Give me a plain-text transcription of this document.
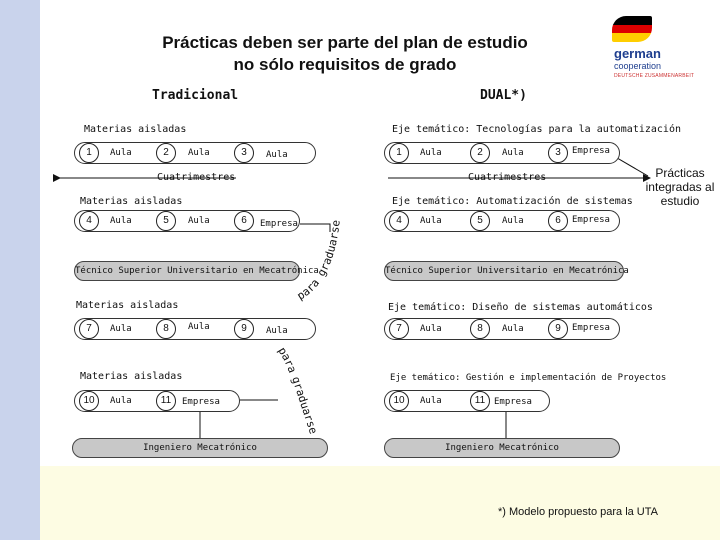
Prácticas deben ser parte del plan de estudio
no sólo requisitos de grado
german
cooperation
DEUTSCHE ZUSAMMENARBEIT
Tradicional	DUAL*)
para graduarse
para
graduarse
Materias aisladas
1	Aula	2	Aula	3	Aula
Eje temático: Tecnologías para la automatización
1	Aula	2	Aula	3	Empresa
Cuatrimestres	Cuatrimestres	Prácticas integradas al estudio
Materias aisladas
4	Aula	5	Aula	6	Empresa
Eje temático: Automatización de sistemas
4	Aula	5	Aula	6	Empresa
Técnico Superior Universitario en Mecatrónica	Técnico Superior Universitario en Mecatrónica
Materias aisladas
7	Aula	8	Aula	9	Aula
Eje temático: Diseño de sistemas automáticos
7	Aula	8	Aula	9	Empresa
Materias aisladas
10	Aula	11	Empresa
Eje temático: Gestión e implementación de Proyectos
10	Aula	11 Empresa
Ingeniero Mecatrónico	Ingeniero Mecatrónico
*) Modelo propuesto para la UTA
